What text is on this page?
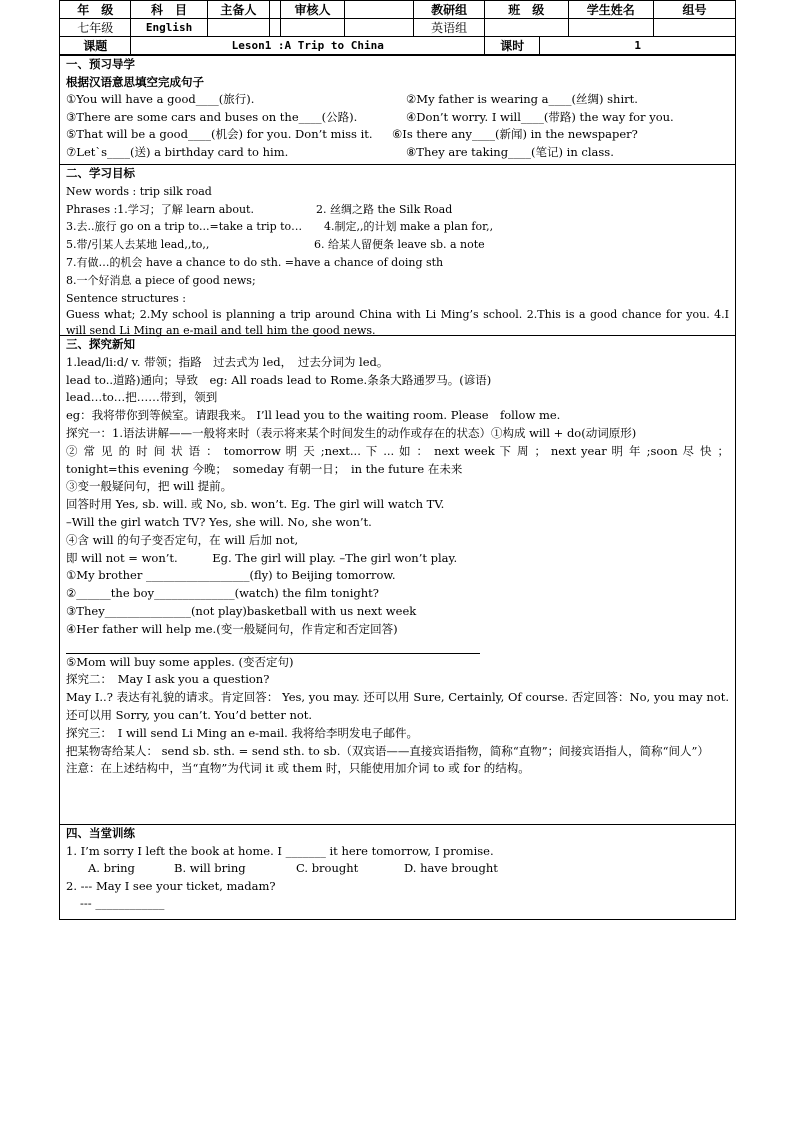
年　级	科　目	主备人		审核人		教研组	班　级		学生姓名	组号
七年级	English					英语组				
课题	Leson1 :A Trip to China						课时	1		
一、预习导学
根据汉语意思填空完成句子
①You will have a good____(旅行).	②My father is wearing a____(丝绸) shirt.
③There are some cars and buses on the____(公路).	④Don’t worry. I will____(带路) the way for you.
⑤That will be a good____(机会) for you. Don’t miss it.	⑥Is there any____(新闻) in the newspaper?
⑦Let`s____(送) a birthday card to him.	⑧They are taking____(笔记) in class.
二、学习目标
New words : trip silk road
Phrases :1.学习；了解 learn about.	2. 丝绸之路 the Silk Road
3.去..旅行 go on a trip to...=take a trip to…	4.制定,,的计划 make a plan for,,
5.带/引某人去某地 lead,,to,,	6. 给某人留便条 leave sb. a note
7.有做…的机会 have a chance to do sth. =have a chance of doing sth
8.一个好消息 a piece of good news;
Sentence structures :
Guess what; 2.My school is planning a trip around China with Li Ming’s school. 2.This is a good chance for you. 4.I will send Li Ming an e-mail and tell him the good news.
三、探究新知
1.lead/li:d/ v. 带领；指路　过去式为 led，　过去分词为 led。
lead to..道路)通向；导致　eg: All roads lead to Rome.条条大路通罗马。(谚语)
lead…to…把……带到，领到
eg：我将带你到等候室。请跟我来。 I’ll lead you to the waiting room. Please　follow me.
探究一：1.语法讲解——一般将来时（表示将来某个时间发生的动作或存在的状态）①构成 will + do(动词原形)
② 常 见 的 时 间 状 语 ： tomorrow 明 天 ;next... 下 ... 如 ： next week 下 周 ； next year 明 年 ;soon 尽 快 ；tonight=this evening 今晚；　someday 有朝一日；　in the future 在未来
③变一般疑问句，把 will 提前。
回答时用 Yes, sb. will. 或 No, sb. won’t. Eg. The girl will watch TV.
–Will the girl watch TV? Yes, she will. No, she won’t.
④含 will 的句子变否定句，在 will 后加 not,
即 will not = won’t.　　　Eg. The girl will play. –The girl won’t play.
①My brother __________________(fly) to Beijing tomorrow.
②______the boy______________(watch) the film tonight?
③They_______________(not play)basketball with us next week
④Her father will help me.(变一般疑问句，作肯定和否定回答)
⑤Mom will buy some apples. (变否定句)
探究二：　May I ask you a question?
May I..? 表达有礼貌的请求。肯定回答： Yes, you may. 还可以用 Sure, Certainly, Of course. 否定回答：No, you may not. 还可以用 Sorry, you can’t. You’d better not.
探究三：　I will send Li Ming an e-mail. 我将给李明发电子邮件。
把某物寄给某人： send sb. sth. = send sth. to sb.（双宾语——直接宾语指物，简称“直物”；间接宾语指人，简称“间人”）
注意：在上述结构中，当“直物”为代词 it 或 them 时，只能使用加介词 to 或 for 的结构。
四、当堂训练
1. I’m sorry I left the book at home. I _______ it here tomorrow, I promise.
A. bring	B. will bring	C. brought	D. have brought
2. --- May I see your ticket, madam?
--- ____________
